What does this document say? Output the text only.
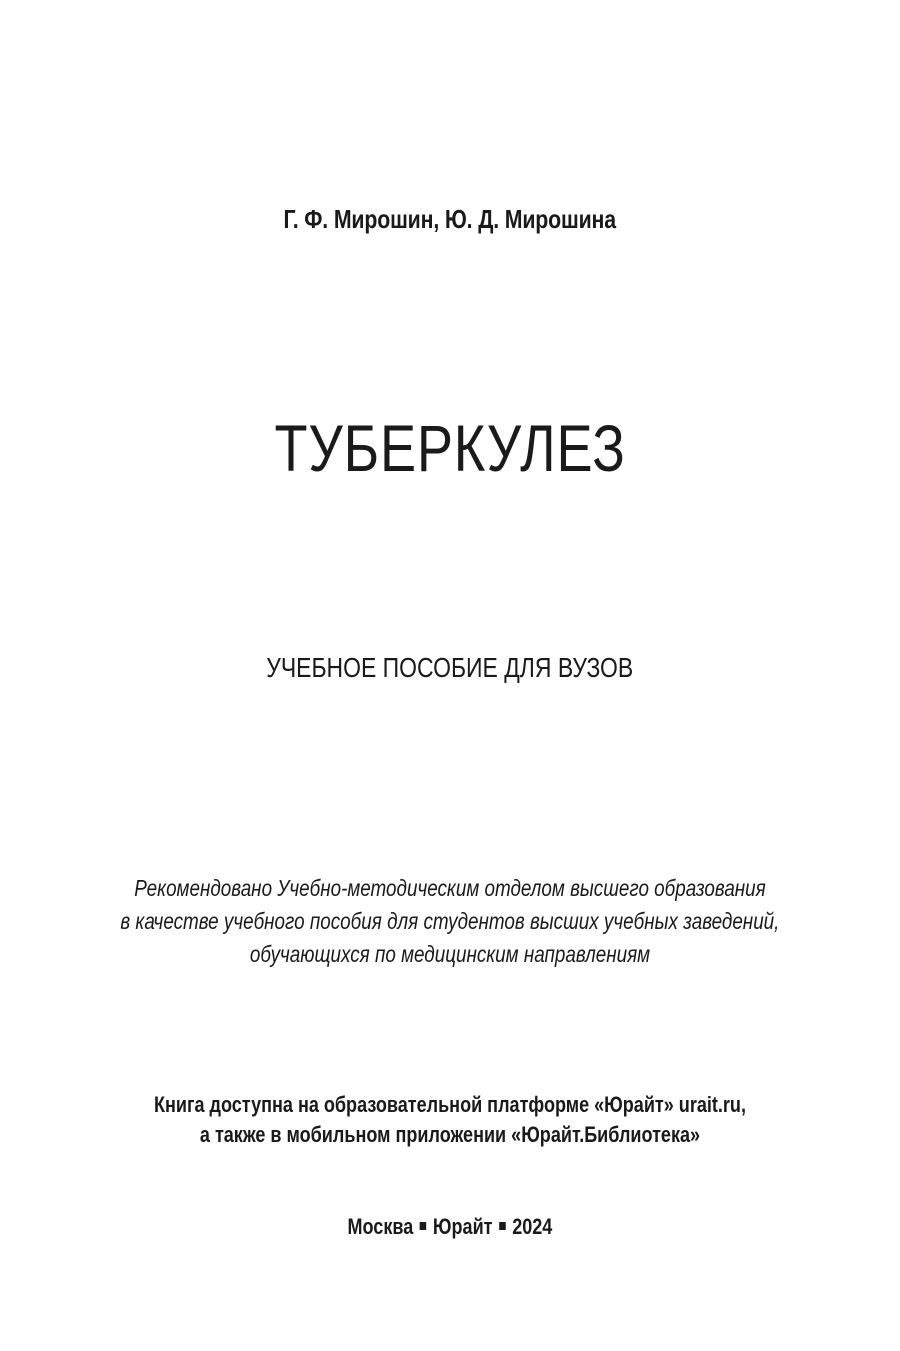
Г. Ф. Мирошин, Ю. Д. Мирошина
ТУБЕРКУЛЕЗ
УЧЕБНОЕ ПОСОБИЕ ДЛЯ ВУЗОВ
Рекомендовано Учебно-методическим отделом высшего образования
в качестве учебного пособия для студентов высших учебных заведений,
обучающихся по медицинским направлениям
Книга доступна на образовательной платформе «Юрайт» urait.ru,
а также в мобильном приложении «Юрайт.Библиотека»
Москва Юрайт 2024
